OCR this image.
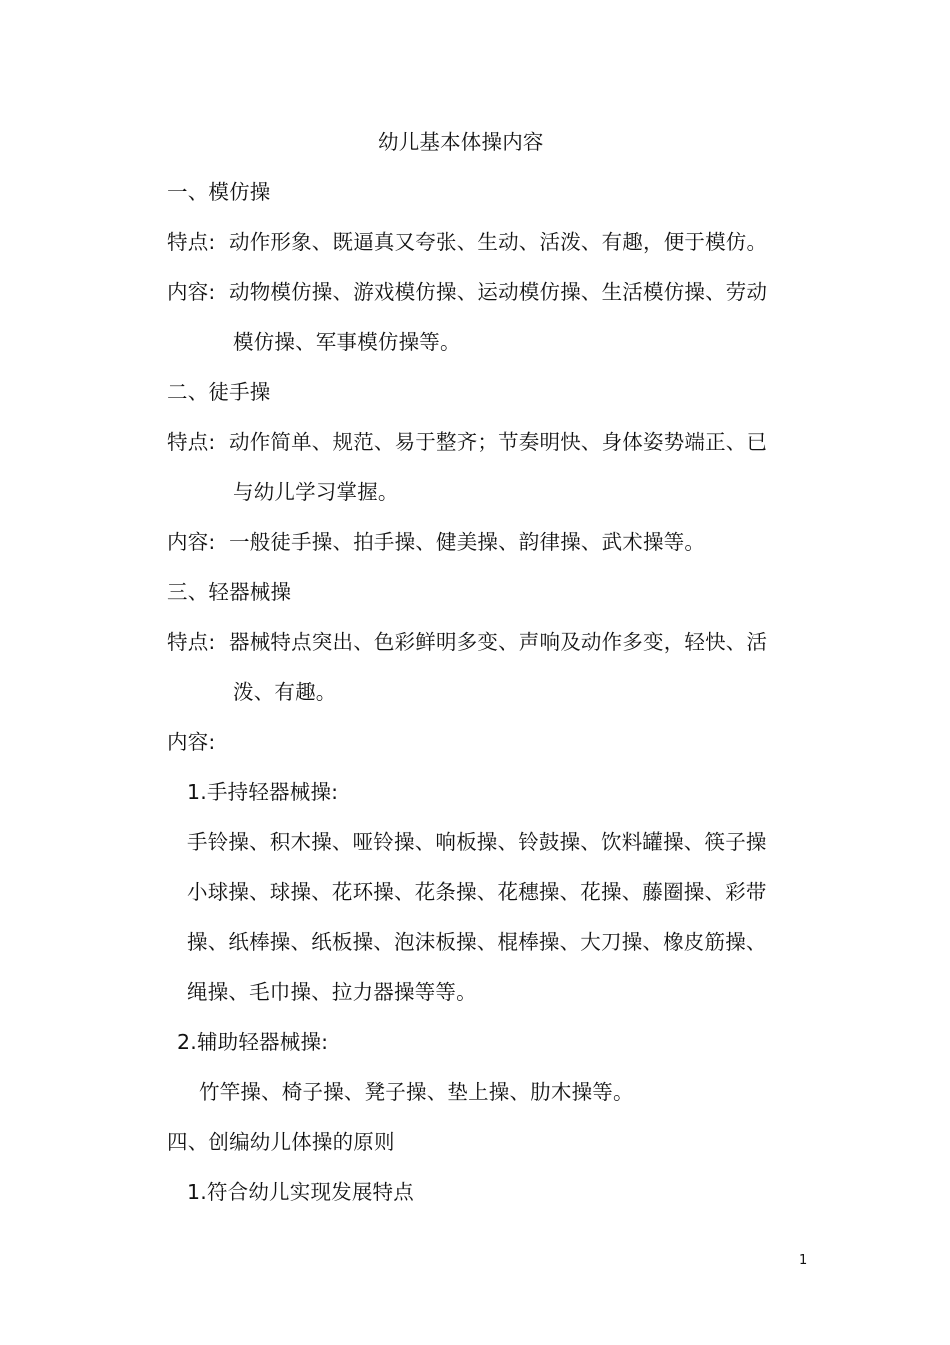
幼儿基本体操内容
一、模仿操
特点: 动作形象、既逼真又夸张、生动、活泼、有趣，便于模仿。
内容: 动物模仿操、游戏模仿操、运动模仿操、生活模仿操、劳动
模仿操、军事模仿操等。
二、徒手操
特点: 动作简单、规范、易于整齐；节奏明快、身体姿势端正、已
与幼儿学习掌握。
内容: 一般徒手操、拍手操、健美操、韵律操、武术操等。
三、轻器械操
特点: 器械特点突出、色彩鲜明多变、声响及动作多变，轻快、活
泼、有趣。
内容:
1.手持轻器械操:
手铃操、积木操、哑铃操、响板操、铃鼓操、饮料罐操、筷子操
小球操、球操、花环操、花条操、花穗操、花操、藤圈操、彩带
操、纸棒操、纸板操、泡沫板操、棍棒操、大刀操、橡皮筋操、
绳操、毛巾操、拉力器操等等。
2.辅助轻器械操:
竹竿操、椅子操、凳子操、垫上操、肋木操等。
四、创编幼儿体操的原则
1.符合幼儿实现发展特点
1
